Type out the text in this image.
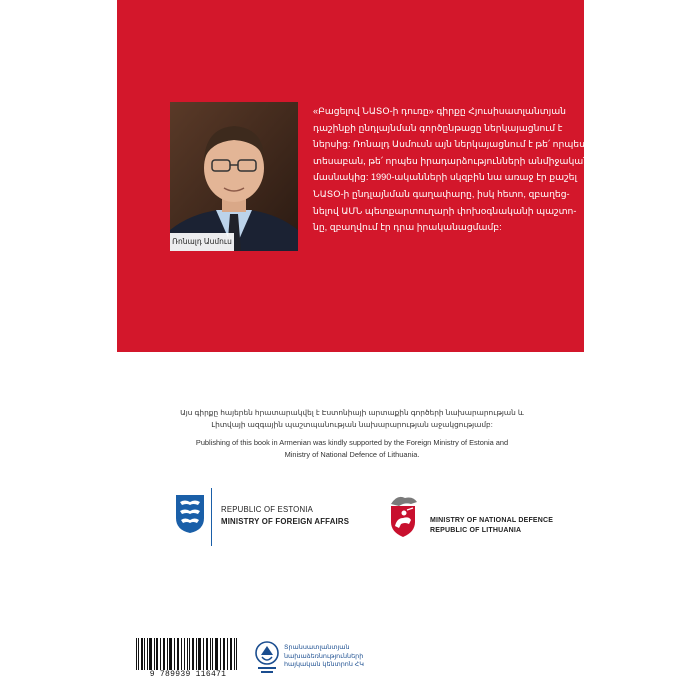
Ռոնալդ Ասմուս

«Բացելով ՆԱՏՕ-ի դուռը» գիրքը Հյուսիսատլանտյան

դաշինքի ընդլայնման գործընթացը ներկայացնում է

ներսից: Ռոնալդ Ասմուսն այն ներկայացնում է թե՛ որպես

տեսաբան, թե՛ որպես իրադարձությունների անմիջական

մասնակից: 1990-ականների սկզբին նա առաջ էր քաշել

ՆԱՏՕ-ի ընդլայնման գաղափարը, իսկ հետո, զբաղեց-

նելով ԱՄՆ պետքարտուղարի փոխօգնականի պաշտո-

նը, զբաղվում էր դրա իրականացմամբ:

Այս գիրքը հայերեն հրատարակվել է Էստոնիայի արտաքին գործերի նախարարության և
Լիտվայի ազգային պաշտպանության նախարարության աջակցությամբ:

Publishing of this book in Armenian was kindly supported by the Foreign Ministry of Estonia and
Ministry of National Defence of Lithuania.

REPUBLIC OF ESTONIA
MINISTRY OF FOREIGN AFFAIRS	MINISTRY OF NATIONAL DEFENCE
REPUBLIC OF LITHUANIA
9 789939 116471

Տրանսատլանտյան

նախաձեռնությունների

հայկական կենտրոն ՀԿ
